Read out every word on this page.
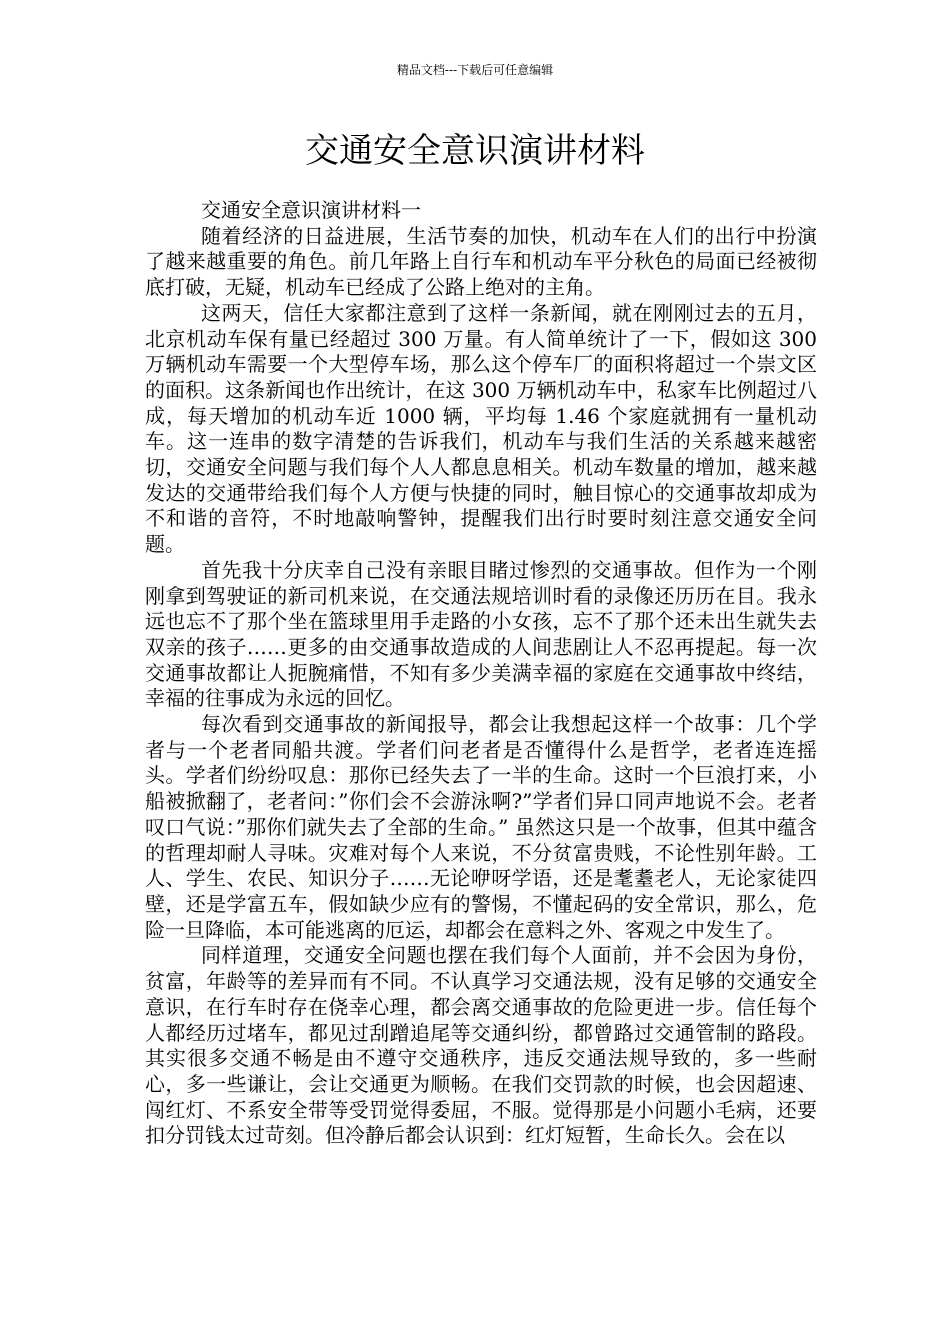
精品文档---下载后可任意编辑
交通安全意识演讲材料

交通安全意识演讲材料一

随着经济的日益进展，生活节奏的加快，机动车在人们的出行中扮演了越来越重要的角色。前几年路上自行车和机动车平分秋色的局面已经被彻底打破，无疑，机动车已经成了公路上绝对的主角。

这两天，信任大家都注意到了这样一条新闻，就在刚刚过去的五月，北京机动车保有量已经超过 300 万量。有人简单统计了一下，假如这 300 万辆机动车需要一个大型停车场，那么这个停车厂的面积将超过一个崇文区的面积。这条新闻也作出统计，在这 300 万辆机动车中，私家车比例超过八成，每天增加的机动车近 1000 辆，平均每 1.46 个家庭就拥有一量机动车。这一连串的数字清楚的告诉我们，机动车与我们生活的关系越来越密切，交通安全问题与我们每个人人都息息相关。机动车数量的增加，越来越发达的交通带给我们每个人方便与快捷的同时，触目惊心的交通事故却成为不和谐的音符，不时地敲响警钟，提醒我们出行时要时刻注意交通安全问题。

首先我十分庆幸自己没有亲眼目睹过惨烈的交通事故。但作为一个刚刚拿到驾驶证的新司机来说，在交通法规培训时看的录像还历历在目。我永远也忘不了那个坐在篮球里用手走路的小女孩，忘不了那个还未出生就失去双亲的孩子……更多的由交通事故造成的人间悲剧让人不忍再提起。每一次交通事故都让人扼腕痛惜，不知有多少美满幸福的家庭在交通事故中终结，幸福的往事成为永远的回忆。

每次看到交通事故的新闻报导，都会让我想起这样一个故事：几个学者与一个老者同船共渡。学者们问老者是否懂得什么是哲学，老者连连摇头。学者们纷纷叹息：那你已经失去了一半的生命。这时一个巨浪打来，小船被掀翻了，老者问：”你们会不会游泳啊?”学者们异口同声地说不会。老者叹口气说：”那你们就失去了全部的生命。” 虽然这只是一个故事，但其中蕴含的哲理却耐人寻味。灾难对每个人来说，不分贫富贵贱，不论性别年龄。工人、学生、农民、知识分子……无论咿呀学语，还是耄耋老人，无论家徒四壁，还是学富五车，假如缺少应有的警惕，不懂起码的安全常识，那么，危险一旦降临，本可能逃离的厄运，却都会在意料之外、客观之中发生了。

同样道理，交通安全问题也摆在我们每个人面前，并不会因为身份，贫富，年龄等的差异而有不同。不认真学习交通法规，没有足够的交通安全意识，在行车时存在侥幸心理，都会离交通事故的危险更进一步。信任每个人都经历过堵车，都见过刮蹭追尾等交通纠纷，都曾路过交通管制的路段。其实很多交通不畅是由不遵守交通秩序，违反交通法规导致的，多一些耐心，多一些谦让，会让交通更为顺畅。在我们交罚款的时候，也会因超速、闯红灯、不系安全带等受罚觉得委屈，不服。觉得那是小问题小毛病，还要扣分罚钱太过苛刻。但冷静后都会认识到：红灯短暂，生命长久。会在以
